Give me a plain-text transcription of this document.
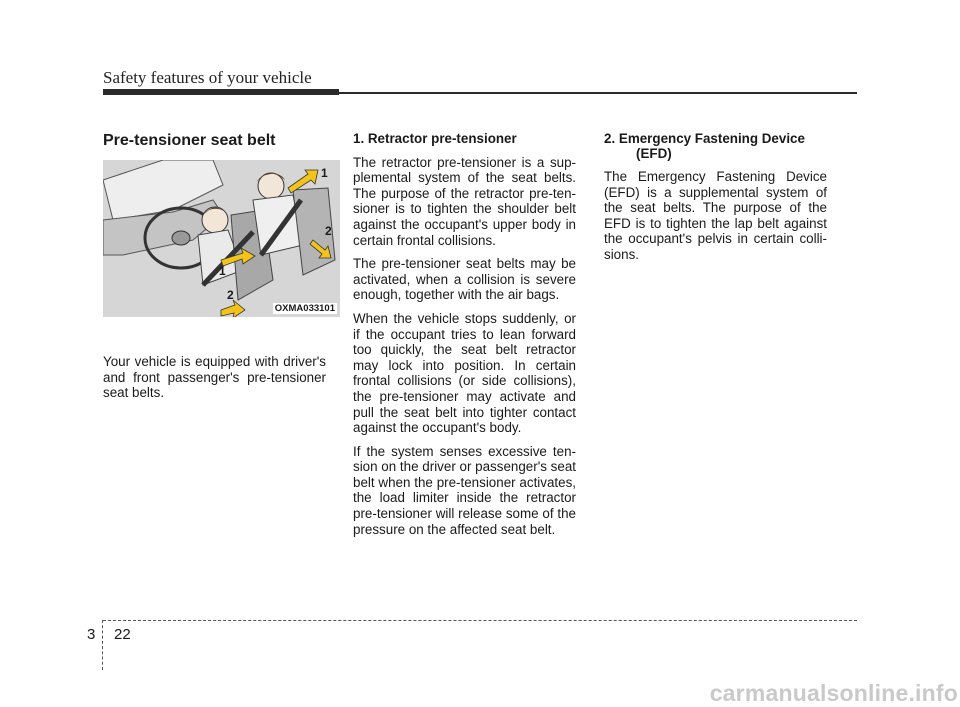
Safety features of your vehicle
Pre-tensioner seat belt
1
2
1
2
OXMA033101

Your vehicle is equipped with driver's and front passenger's pre-tensioner seat belts.

1. Retractor pre-tensioner

The retractor pre-tensioner is a sup-plemental system of the seat belts. The purpose of the retractor pre-ten-sioner is to tighten the shoulder belt against the occupant's upper body in certain frontal collisions.

The pre-tensioner seat belts may be activated, when a collision is severe enough, together with the air bags.

When the vehicle stops suddenly, or if the occupant tries to lean forward too quickly, the seat belt retractor may lock into position. In certain frontal collisions (or side collisions), the pre-tensioner may activate and pull the seat belt into tighter contact against the occupant's body.

If the system senses excessive ten-sion on the driver or passenger's seat belt when the pre-tensioner activates, the load limiter inside the retractor pre-tensioner will release some of the pressure on the affected seat belt.

2. Emergency Fastening Device (EFD)

The Emergency Fastening Device (EFD) is a supplemental system of the seat belts. The purpose of the EFD is to tighten the lap belt against the occupant's pelvis in certain colli-sions.

3 22
carmanualsonline.info
